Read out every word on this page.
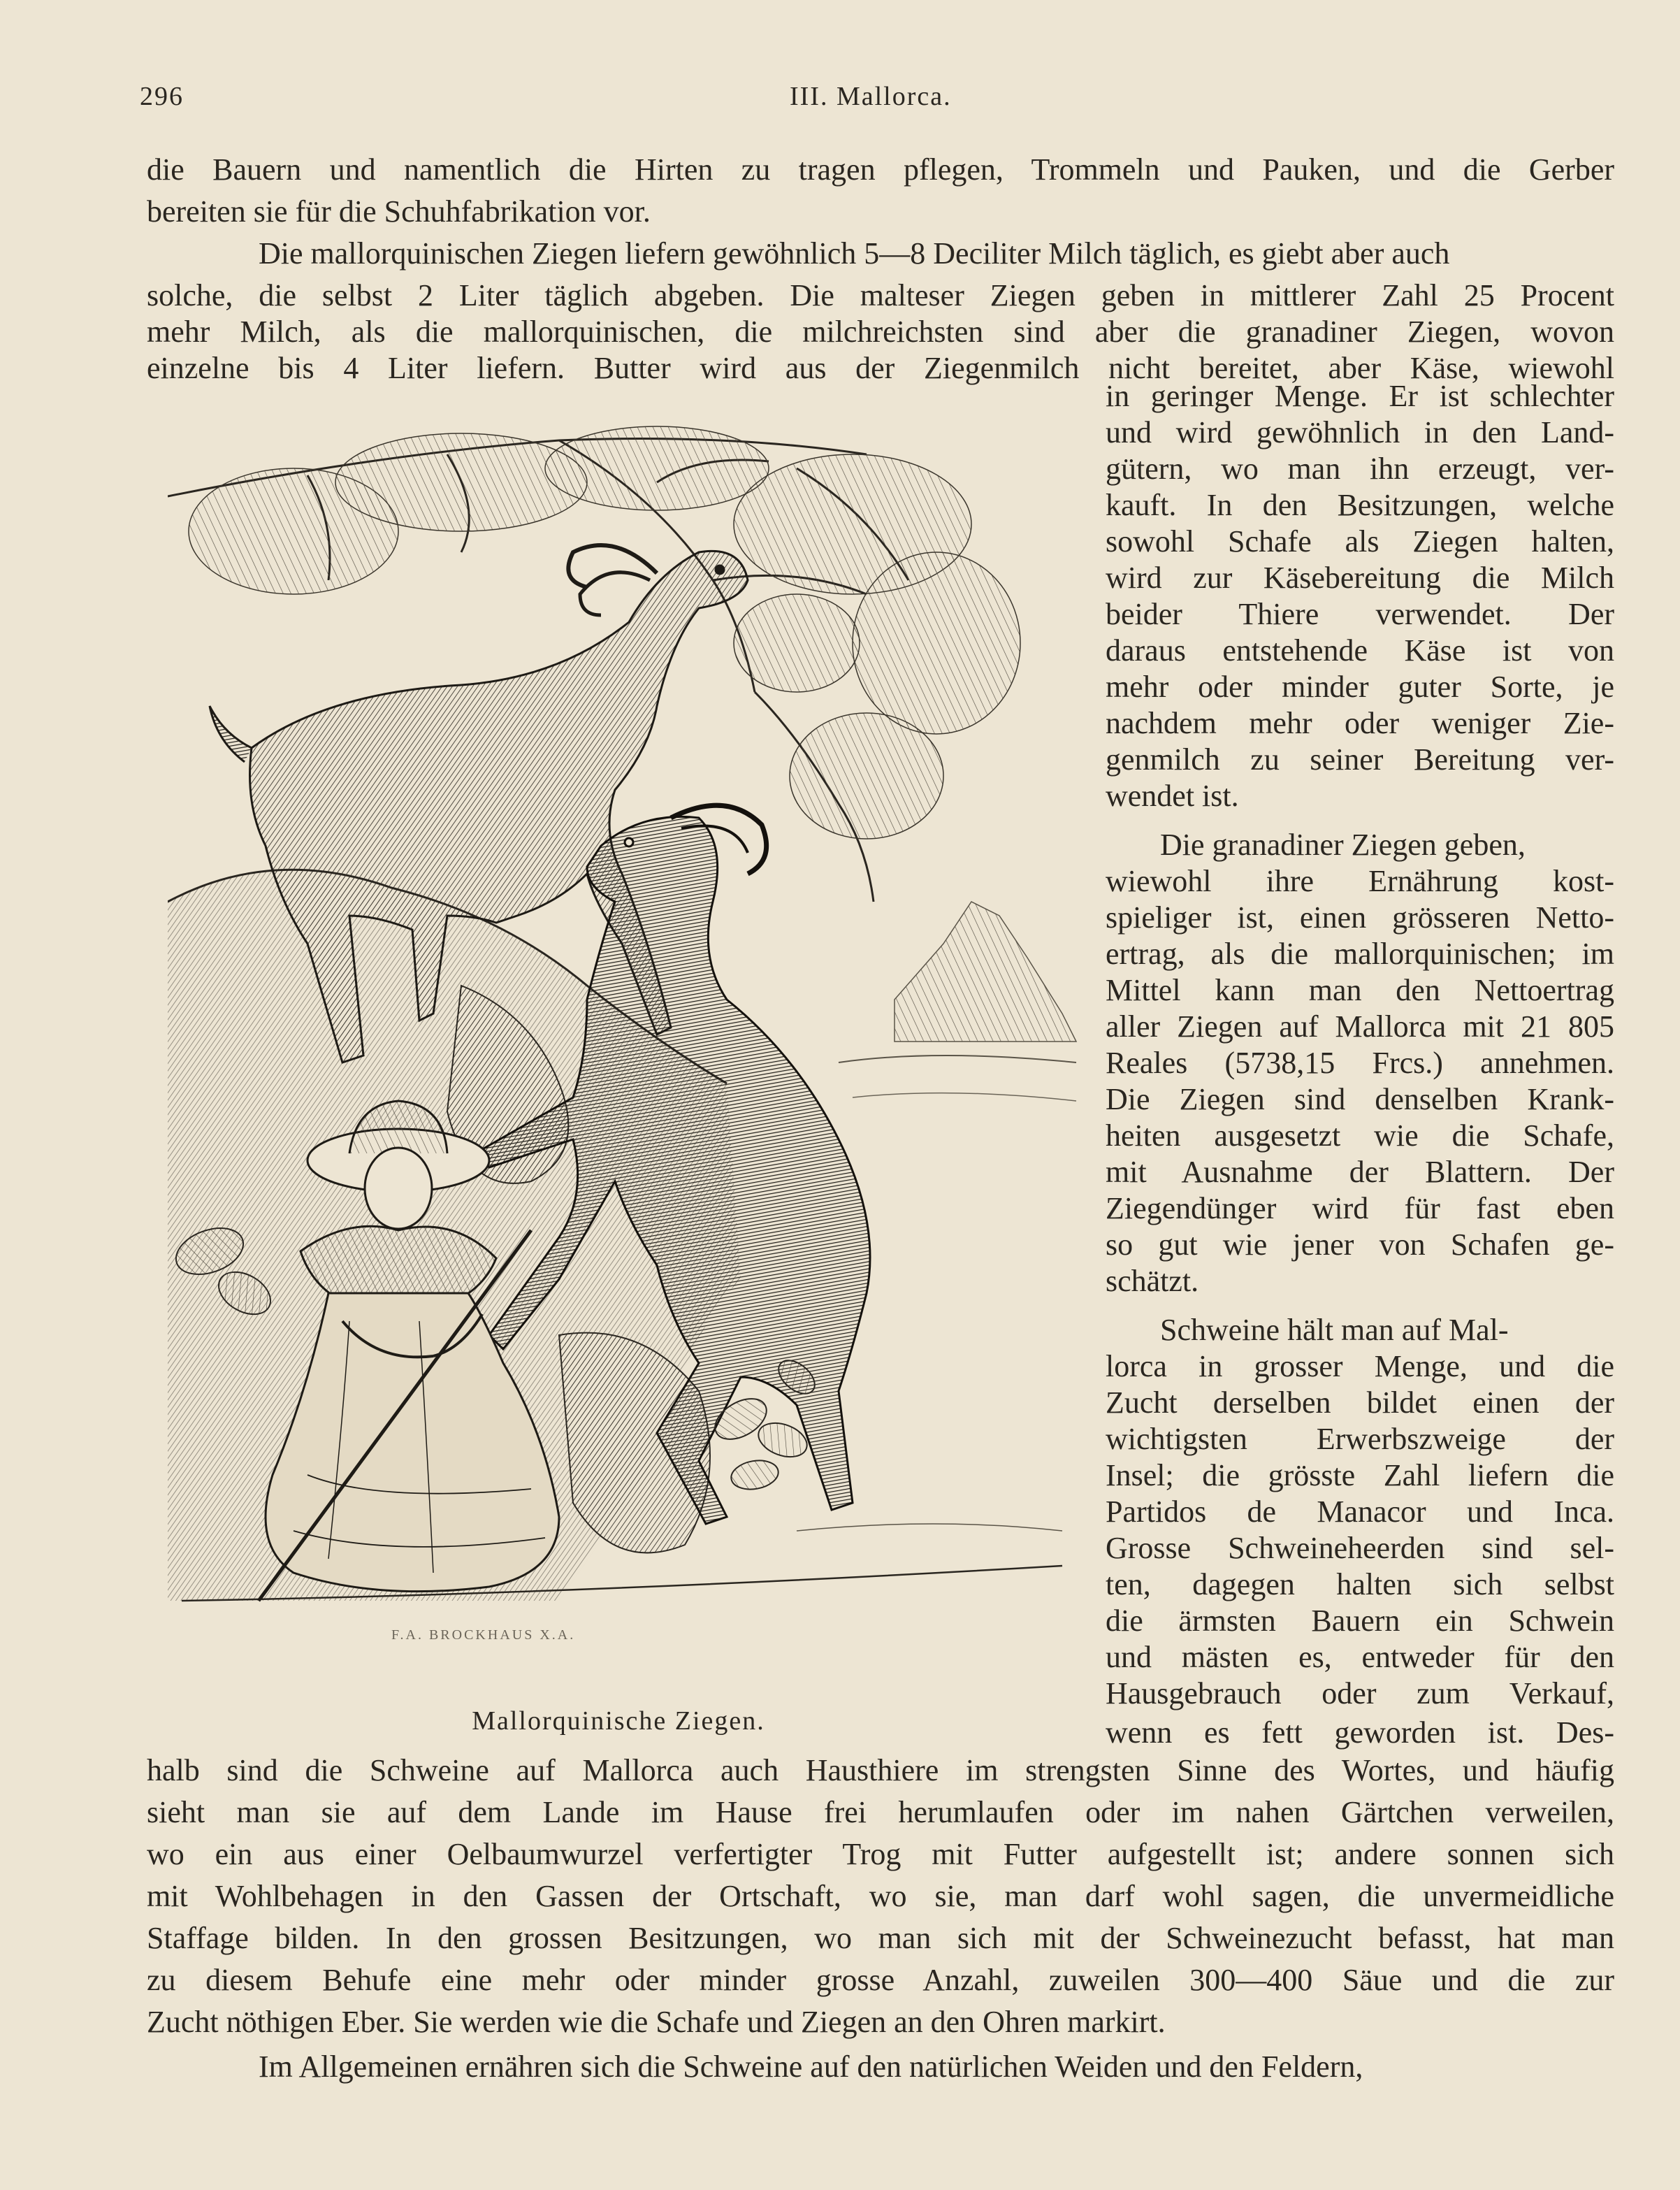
296	III. Mallorca.
die Bauern und namentlich die Hirten zu tragen pflegen, Trommeln und Pauken, und die Gerber
bereiten sie für die Schuhfabrikation vor.
Die mallorquinischen Ziegen liefern gewöhnlich 5—8 Deciliter Milch täglich, es giebt aber auch
solche, die selbst 2 Liter täglich abgeben. Die malteser Ziegen geben in mittlerer Zahl 25 Procent
mehr Milch, als die mallorquinischen, die milchreichsten sind aber die granadiner Ziegen, wovon
einzelne bis 4 Liter liefern. Butter wird aus der Ziegenmilch nicht bereitet, aber Käse, wiewohl
in geringer Menge. Er ist schlechter
und wird gewöhnlich in den Land-
gütern, wo man ihn erzeugt, ver-
kauft. In den Besitzungen, welche
sowohl Schafe als Ziegen halten,
wird zur Käsebereitung die Milch
beider Thiere verwendet. Der
daraus entstehende Käse ist von
mehr oder minder guter Sorte, je
nachdem mehr oder weniger Zie-
genmilch zu seiner Bereitung ver-
wendet ist.
Die granadiner Ziegen geben,
wiewohl ihre Ernährung kost-
spieliger ist, einen grösseren Netto-
ertrag, als die mallorquinischen; im
Mittel kann man den Nettoertrag
aller Ziegen auf Mallorca mit 21 805
Reales (5738,15 Frcs.) annehmen.
Die Ziegen sind denselben Krank-
heiten ausgesetzt wie die Schafe,
mit Ausnahme der Blattern. Der
Ziegendünger wird für fast eben
so gut wie jener von Schafen ge-
schätzt.
Schweine hält man auf Mal-
lorca in grosser Menge, und die
Zucht derselben bildet einen der
wichtigsten Erwerbszweige der
Insel; die grösste Zahl liefern die
Partidos de Manacor und Inca.
Grosse Schweineheerden sind sel-
ten, dagegen halten sich selbst
die ärmsten Bauern ein Schwein
und mästen es, entweder für den
Hausgebrauch oder zum Verkauf,
wenn es fett geworden ist. Des-
halb sind die Schweine auf Mallorca auch Hausthiere im strengsten Sinne des Wortes, und häufig
sieht man sie auf dem Lande im Hause frei herumlaufen oder im nahen Gärtchen verweilen,
wo ein aus einer Oelbaumwurzel verfertigter Trog mit Futter aufgestellt ist; andere sonnen sich
mit Wohlbehagen in den Gassen der Ortschaft, wo sie, man darf wohl sagen, die unvermeidliche
Staffage bilden. In den grossen Besitzungen, wo man sich mit der Schweinezucht befasst, hat man
zu diesem Behufe eine mehr oder minder grosse Anzahl, zuweilen 300—400 Säue und die zur
Zucht nöthigen Eber. Sie werden wie die Schafe und Ziegen an den Ohren markirt.
Im Allgemeinen ernähren sich die Schweine auf den natürlichen Weiden und den Feldern,
F.A. BROCKHAUS X.A.
Mallorquinische Ziegen.
